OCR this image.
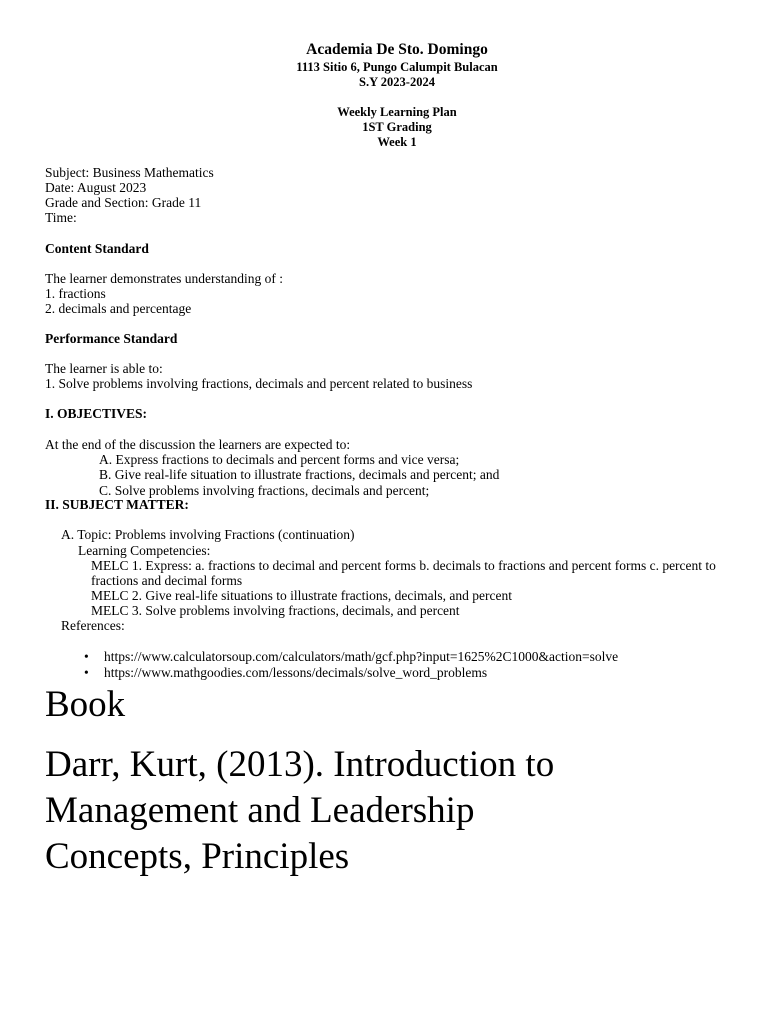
Academia De Sto. Domingo
1113 Sitio 6, Pungo Calumpit Bulacan
S.Y 2023-2024
Weekly Learning Plan
1ST Grading
Week 1
Subject: Business Mathematics
Date: August 2023
Grade and Section: Grade 11
Time:
Content Standard
The learner demonstrates understanding of :
1. fractions
2. decimals and percentage
Performance Standard
The learner is able to:
1. Solve problems involving fractions, decimals and percent related to business
I. OBJECTIVES:
At the end of the discussion the learners are expected to:
A. Express fractions to decimals and percent forms and vice versa;
B. Give real-life situation to illustrate fractions, decimals and percent; and
C. Solve problems involving fractions, decimals and percent;
II. SUBJECT MATTER:
A. Topic: Problems involving Fractions (continuation)
Learning Competencies:
MELC 1. Express: a. fractions to decimal and percent forms b. decimals to fractions and percent forms c. percent to
fractions and decimal forms
MELC 2. Give real-life situations to illustrate fractions, decimals, and percent
MELC 3. Solve problems involving fractions, decimals, and percent
References:
• https://www.calculatorsoup.com/calculators/math/gcf.php?input=1625%2C1000&action=solve
• https://www.mathgoodies.com/lessons/decimals/solve_word_problems
Book
Darr, Kurt, (2013). Introduction to
Management and Leadership
Concepts, Principles
